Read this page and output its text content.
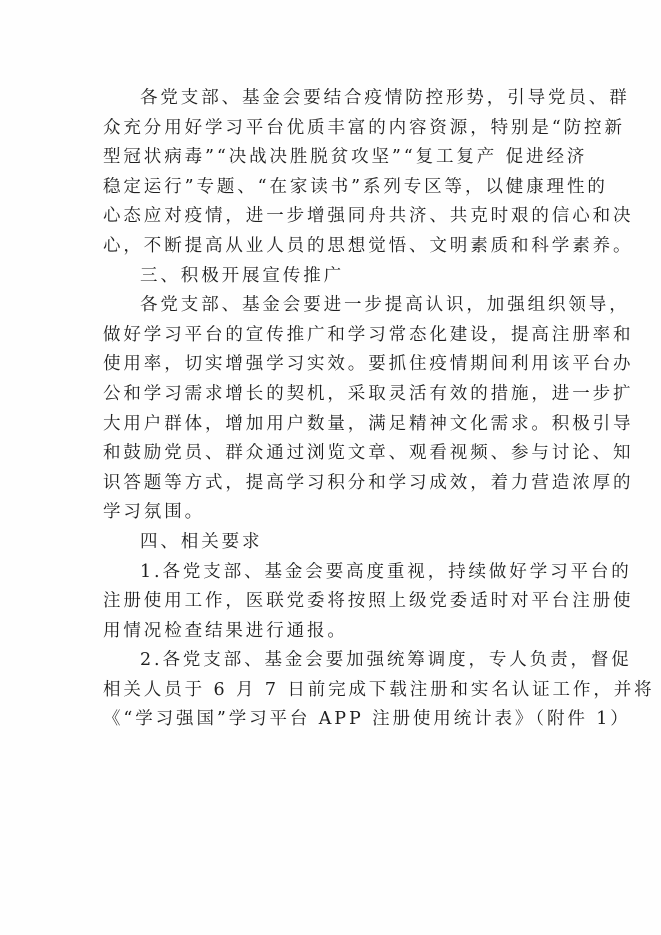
各党支部、基金会要结合疫情防控形势，引导党员、群
众充分用好学习平台优质丰富的内容资源，特别是“防控新
型冠状病毒”“决战决胜脱贫攻坚”“复工复产 促进经济
稳定运行”专题、“在家读书”系列专区等，以健康理性的
心态应对疫情，进一步增强同舟共济、共克时艰的信心和决
心，不断提高从业人员的思想觉悟、文明素质和科学素养。
三、积极开展宣传推广
各党支部、基金会要进一步提高认识，加强组织领导，
做好学习平台的宣传推广和学习常态化建设，提高注册率和
使用率，切实增强学习实效。要抓住疫情期间利用该平台办
公和学习需求增长的契机，采取灵活有效的措施，进一步扩
大用户群体，增加用户数量，满足精神文化需求。积极引导
和鼓励党员、群众通过浏览文章、观看视频、参与讨论、知
识答题等方式，提高学习积分和学习成效，着力营造浓厚的
学习氛围。
四、相关要求
1.各党支部、基金会要高度重视，持续做好学习平台的
注册使用工作，医联党委将按照上级党委适时对平台注册使
用情况检查结果进行通报。
2.各党支部、基金会要加强统筹调度，专人负责，督促
相关人员于 6 月 7 日前完成下载注册和实名认证工作，并将
《“学习强国”学习平台 APP 注册使用统计表》（附件 1）
